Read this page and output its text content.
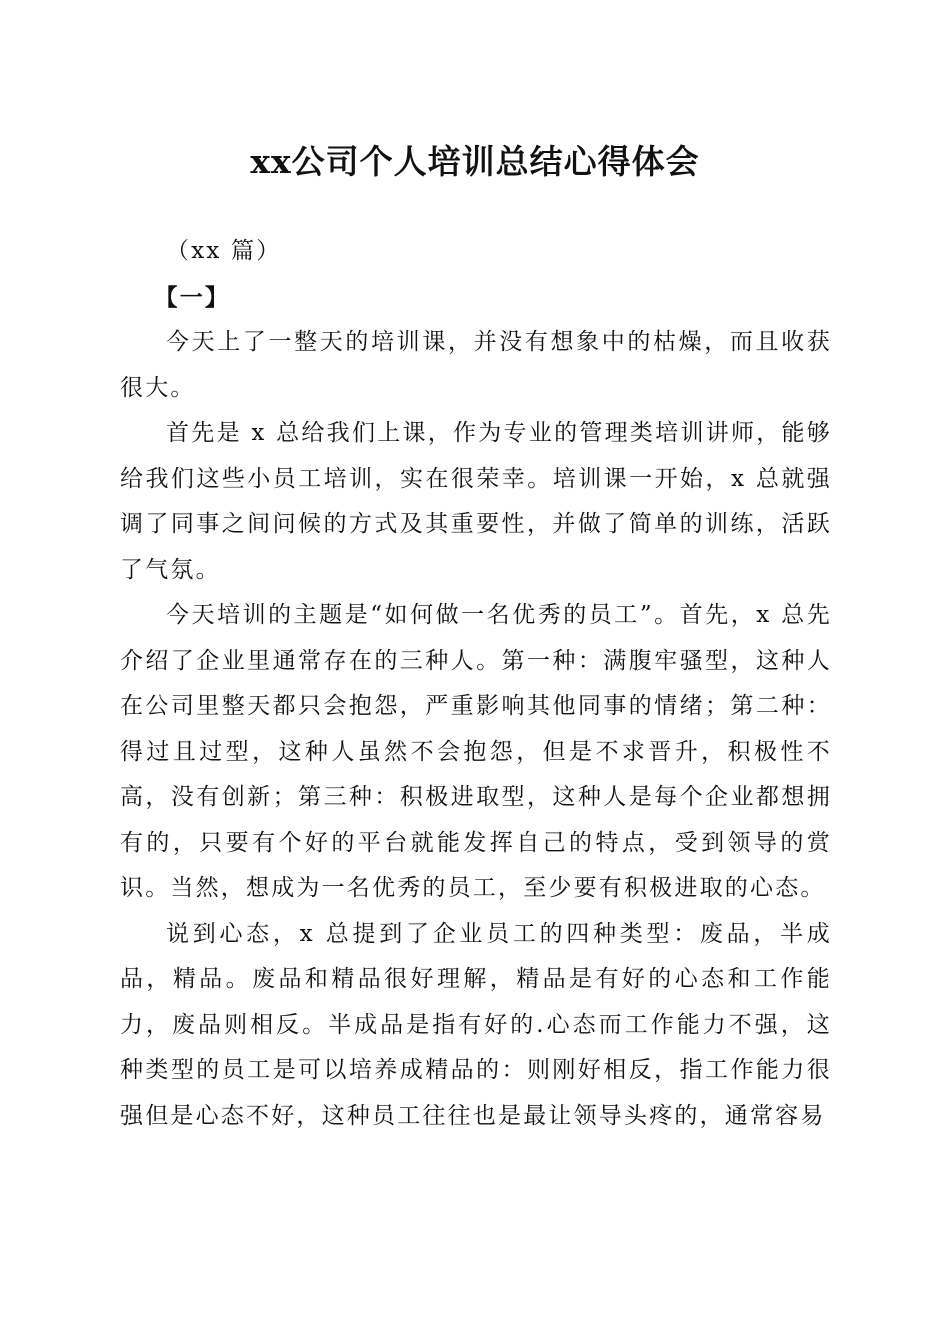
xx公司个人培训总结心得体会

（xx 篇）

【一】

今天上了一整天的培训课，并没有想象中的枯燥，而且收获很大。

首先是 x 总给我们上课，作为专业的管理类培训讲师，能够给我们这些小员工培训，实在很荣幸。培训课一开始，x 总就强调了同事之间问候的方式及其重要性，并做了简单的训练，活跃了气氛。

今天培训的主题是“如何做一名优秀的员工”。首先，x 总先介绍了企业里通常存在的三种人。第一种：满腹牢骚型，这种人在公司里整天都只会抱怨，严重影响其他同事的情绪；第二种：得过且过型，这种人虽然不会抱怨，但是不求晋升，积极性不高，没有创新；第三种：积极进取型，这种人是每个企业都想拥有的，只要有个好的平台就能发挥自己的特点，受到领导的赏识。当然，想成为一名优秀的员工，至少要有积极进取的心态。

说到心态，x 总提到了企业员工的四种类型：废品，半成品，精品。废品和精品很好理解，精品是有好的心态和工作能力，废品则相反。半成品是指有好的.心态而工作能力不强，这种类型的员工是可以培养成精品的：则刚好相反，指工作能力很强但是心态不好，这种员工往往也是最让领导头疼的，通常容易
